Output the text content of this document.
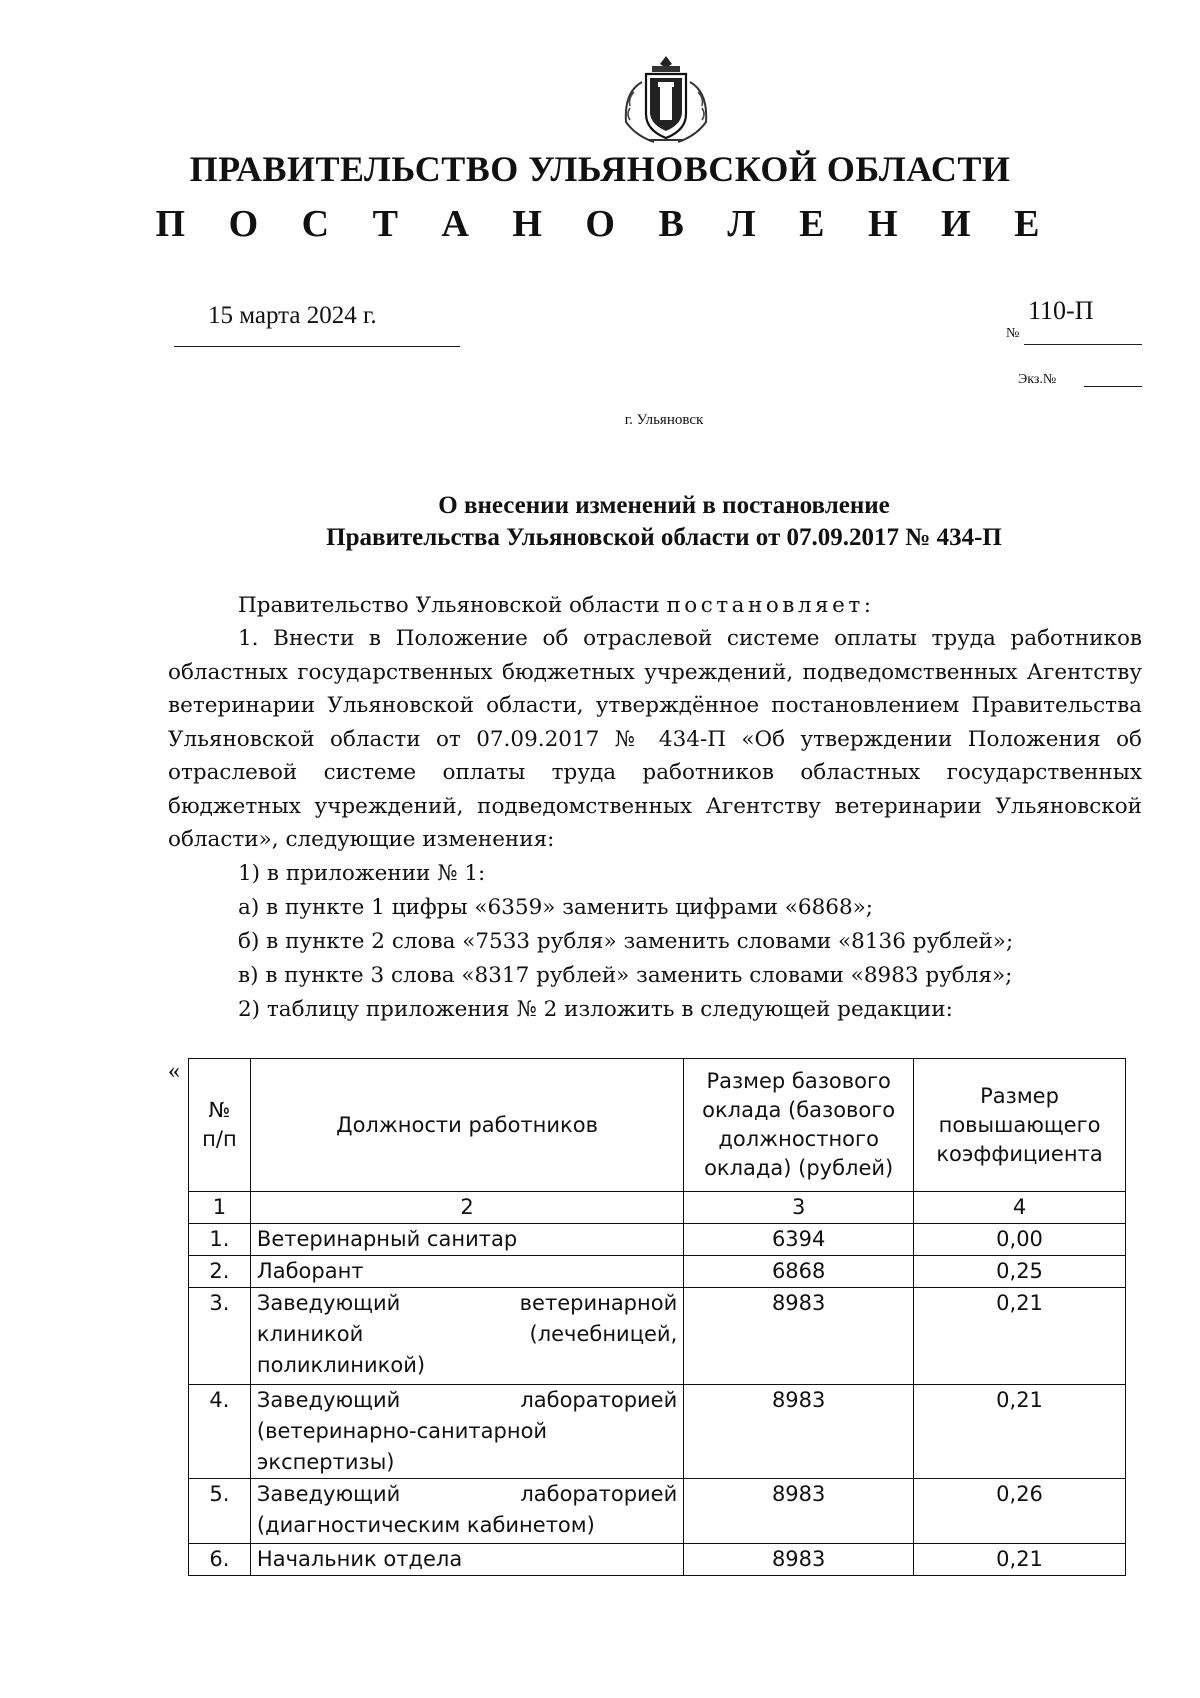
ПРАВИТЕЛЬСТВО УЛЬЯНОВСКОЙ ОБЛАСТИ
П О С Т А Н О В Л Е Н И Е
15 марта 2024 г.	110-П
№
Экз.№
г. Ульяновск
О внесении изменений в постановление
Правительства Ульяновской области от 07.09.2017 № 434-П
Правительство Ульяновской области постановляет:
1. Внести в Положение об отраслевой системе оплаты труда работников областных государственных бюджетных учреждений, подведомственных Агентству ветеринарии Ульяновской области, утверждённое постановлением Правительства Ульяновской области от 07.09.2017 № 434-П «Об утверждении Положения об отраслевой системе оплаты труда работников областных государственных бюджетных учреждений, подведомственных Агентству ветеринарии Ульяновской области», следующие изменения:
1) в приложении № 1:
а) в пункте 1 цифры «6359» заменить цифрами «6868»;
б) в пункте 2 слова «7533 рубля» заменить словами «8136 рублей»;
в) в пункте 3 слова «8317 рублей» заменить словами «8983 рубля»;
2) таблицу приложения № 2 изложить в следующей редакции:
«
№ п/п	Должности работников	Размер базового оклада (базового должностного оклада) (рублей)	Размер повышающего коэффициента
1	2	3	4
1.	Ветеринарный санитар	6394	0,00
2.	Лаборант	6868	0,25
3.	Заведующий ветеринарной клиникой (лечебницей, поликлиникой)	8983	0,21
4.	Заведующий лабораторией (ветеринарно-санитарной экспертизы)	8983	0,21
5.	Заведующий лабораторией (диагностическим кабинетом)	8983	0,26
6.	Начальник отдела	8983	0,21
